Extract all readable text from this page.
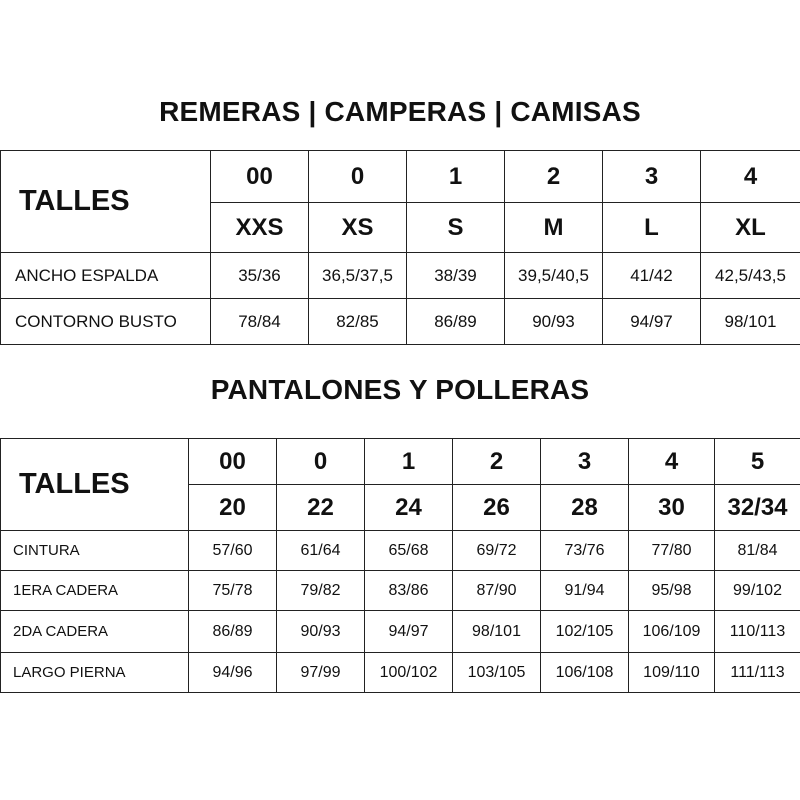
REMERAS | CAMPERAS | CAMISAS
TALLES	00	0	1	2	3	4
	XXS	XS	S	M	L	XL
ANCHO ESPALDA	35/36	36,5/37,5	38/39	39,5/40,5	41/42	42,5/43,5
CONTORNO BUSTO	78/84	82/85	86/89	90/93	94/97	98/101
PANTALONES Y POLLERAS
TALLES	00	0	1	2	3	4	5
	20	22	24	26	28	30	32/34
CINTURA	57/60	61/64	65/68	69/72	73/76	77/80	81/84
1ERA CADERA	75/78	79/82	83/86	87/90	91/94	95/98	99/102
2DA CADERA	86/89	90/93	94/97	98/101	102/105	106/109	110/113
LARGO PIERNA	94/96	97/99	100/102	103/105	106/108	109/110	111/113
